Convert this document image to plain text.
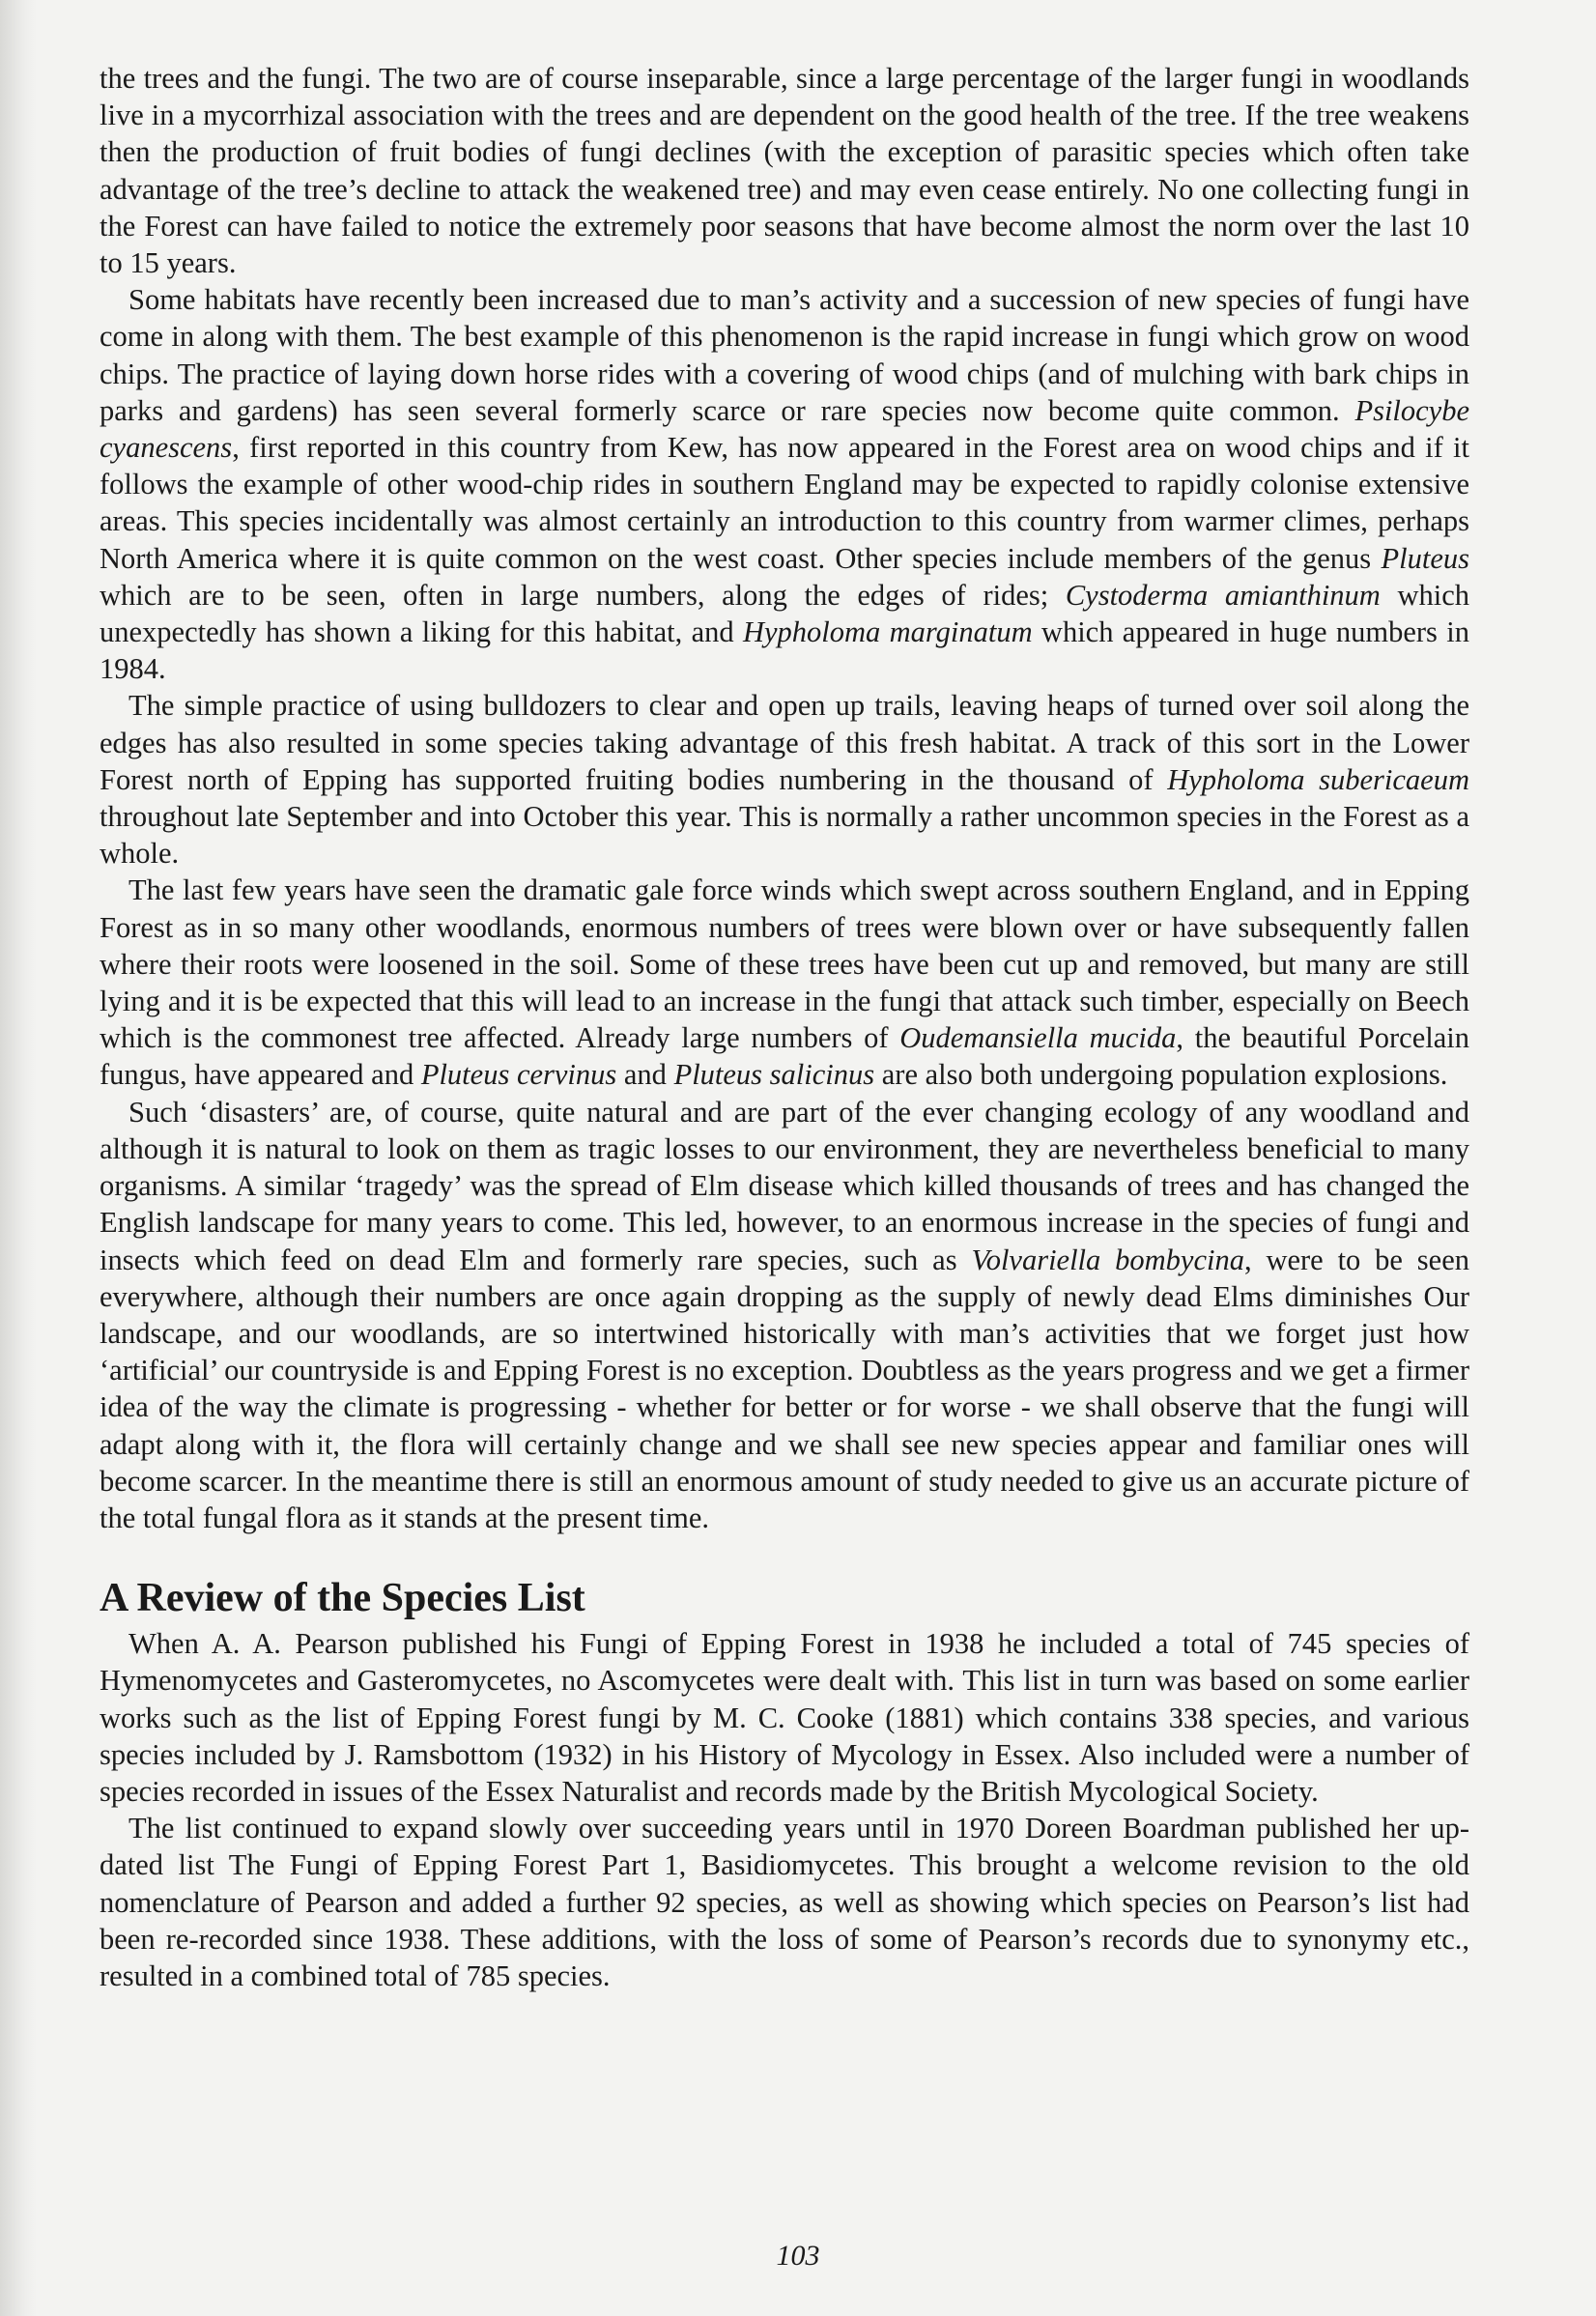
the trees and the fungi. The two are of course inseparable, since a large percentage of the larger fungi in woodlands live in a mycorrhizal association with the trees and are dependent on the good health of the tree. If the tree weakens then the production of fruit bodies of fungi declines (with the exception of parasitic species which often take advantage of the tree’s decline to attack the weakened tree) and may even cease entirely. No one collecting fungi in the Forest can have failed to notice the extremely poor seasons that have become almost the norm over the last 10 to 15 years.

Some habitats have recently been increased due to man’s activity and a succession of new species of fungi have come in along with them. The best example of this phenomenon is the rapid increase in fungi which grow on wood chips. The practice of laying down horse rides with a covering of wood chips (and of mulching with bark chips in parks and gardens) has seen several formerly scarce or rare species now become quite common. Psilocybe cyanescens, first reported in this country from Kew, has now appeared in the Forest area on wood chips and if it follows the example of other wood-chip rides in southern England may be expected to rapidly colonise extensive areas. This species incidentally was almost certainly an introduction to this country from warmer climes, perhaps North America where it is quite common on the west coast. Other species include members of the genus Pluteus which are to be seen, often in large numbers, along the edges of rides; Cystoderma amianthinum which unexpectedly has shown a liking for this habitat, and Hypholoma marginatum which appeared in huge numbers in 1984.

The simple practice of using bulldozers to clear and open up trails, leaving heaps of turned over soil along the edges has also resulted in some species taking advantage of this fresh habitat. A track of this sort in the Lower Forest north of Epping has supported fruiting bodies numbering in the thousand of Hypholoma subericaeum throughout late September and into October this year. This is normally a rather uncommon species in the Forest as a whole.

The last few years have seen the dramatic gale force winds which swept across southern England, and in Epping Forest as in so many other woodlands, enormous numbers of trees were blown over or have subsequently fallen where their roots were loosened in the soil. Some of these trees have been cut up and removed, but many are still lying and it is be expected that this will lead to an increase in the fungi that attack such timber, especially on Beech which is the commonest tree affected. Already large numbers of Oudemansiella mucida, the beautiful Porcelain fungus, have appeared and Pluteus cervinus and Pluteus salicinus are also both undergoing population explosions.

Such ‘disasters’ are, of course, quite natural and are part of the ever changing ecology of any woodland and although it is natural to look on them as tragic losses to our environment, they are nevertheless beneficial to many organisms. A similar ‘tragedy’ was the spread of Elm disease which killed thousands of trees and has changed the English landscape for many years to come. This led, however, to an enormous increase in the species of fungi and insects which feed on dead Elm and formerly rare species, such as Volvariella bombycina, were to be seen everywhere, although their numbers are once again dropping as the supply of newly dead Elms diminishes Our landscape, and our woodlands, are so intertwined historically with man’s activities that we forget just how ‘artificial’ our countryside is and Epping Forest is no exception. Doubtless as the years progress and we get a firmer idea of the way the climate is progressing - whether for better or for worse - we shall observe that the fungi will adapt along with it, the flora will certainly change and we shall see new species appear and familiar ones will become scarcer. In the meantime there is still an enormous amount of study needed to give us an accurate picture of the total fungal flora as it stands at the present time.

A Review of the Species List

When A. A. Pearson published his Fungi of Epping Forest in 1938 he included a total of 745 species of Hymenomycetes and Gasteromycetes, no Ascomycetes were dealt with. This list in turn was based on some earlier works such as the list of Epping Forest fungi by M. C. Cooke (1881) which contains 338 species, and various species included by J. Ramsbottom (1932) in his History of Mycology in Essex. Also included were a number of species recorded in issues of the Essex Naturalist and records made by the British Mycological Society.

The list continued to expand slowly over succeeding years until in 1970 Doreen Boardman published her up-dated list The Fungi of Epping Forest Part 1, Basidiomycetes. This brought a welcome revision to the old nomenclature of Pearson and added a further 92 species, as well as showing which species on Pearson’s list had been re-recorded since 1938. These additions, with the loss of some of Pearson’s records due to synonymy etc., resulted in a combined total of 785 species.

103
